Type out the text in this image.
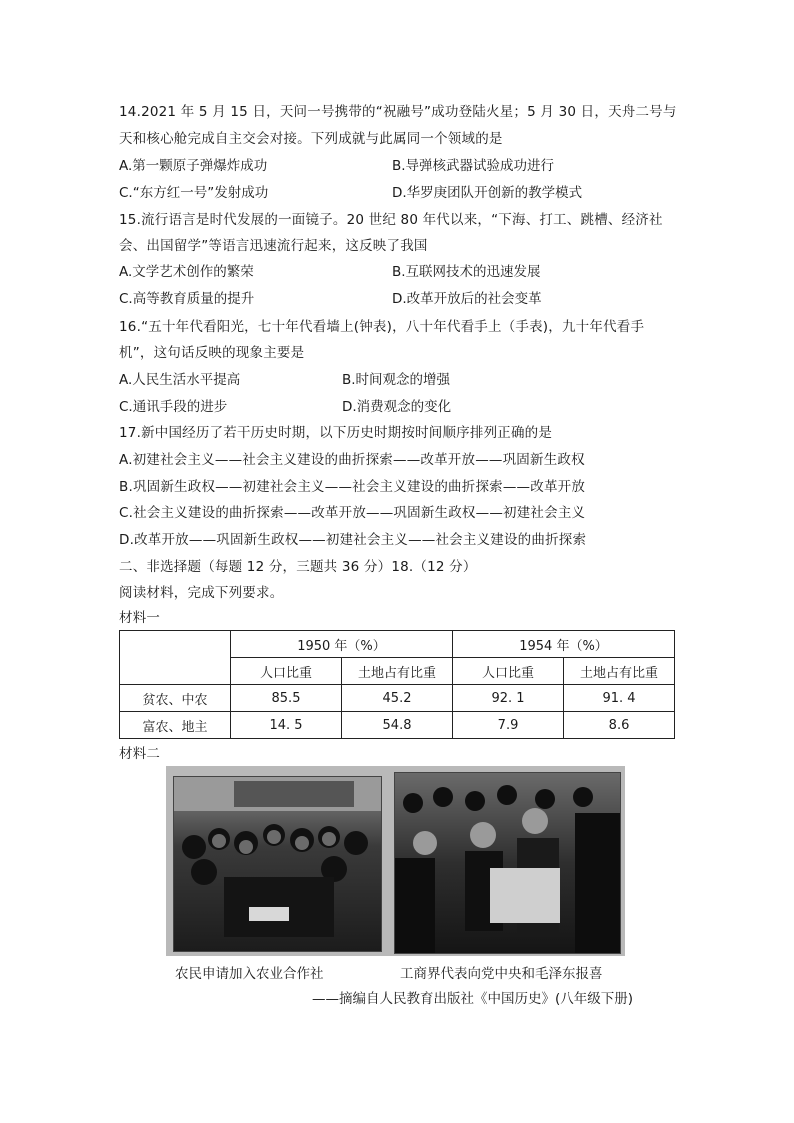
14.2021 年 5 月 15 日，天问一号携带的“祝融号”成功登陆火星；5 月 30 日，天舟二号与
天和核心舱完成自主交会对接。下列成就与此属同一个领域的是
A.第一颗原子弹爆炸成功	B.导弹核武器试验成功进行
C.“东方红一号”发射成功	D.华罗庚团队开创新的教学模式
15.流行语言是时代发展的一面镜子。20 世纪 80 年代以来，“下海、打工、跳槽、经济社
会、出国留学”等语言迅速流行起来，这反映了我国
A.文学艺术创作的繁荣	B.互联网技术的迅速发展
C.高等教育质量的提升	D.改革开放后的社会变革
16.“五十年代看阳光，七十年代看墙上(钟表)，八十年代看手上（手表)，九十年代看手
机”，这句话反映的现象主要是
A.人民生活水平提高	B.时间观念的增强
C.通讯手段的进步	D.消费观念的变化
17.新中国经历了若干历史时期，以下历史时期按时间顺序排列正确的是
A.初建社会主义——社会主义建设的曲折探索——改革开放——巩固新生政权
B.巩固新生政权——初建社会主义——社会主义建设的曲折探索——改革开放
C.社会主义建设的曲折探索——改革开放——巩固新生政权——初建社会主义
D.改革开放——巩固新生政权——初建社会主义——社会主义建设的曲折探索
二、非选择题（每题 12 分，三题共 36 分）18.（12 分）
阅读材料，完成下列要求。
材料一
	1950 年（%）		1954 年（%）	
	人口比重	土地占有比重	人口比重	土地占有比重
贫农、中农	85.5	45.2	92. 1	91. 4
富农、地主	14. 5	54.8	7.9	8.6
材料二
农民申请加入农业合作社	工商界代表向党中央和毛泽东报喜
——摘编自人民教育出版社《中国历史》(八年级下册)
